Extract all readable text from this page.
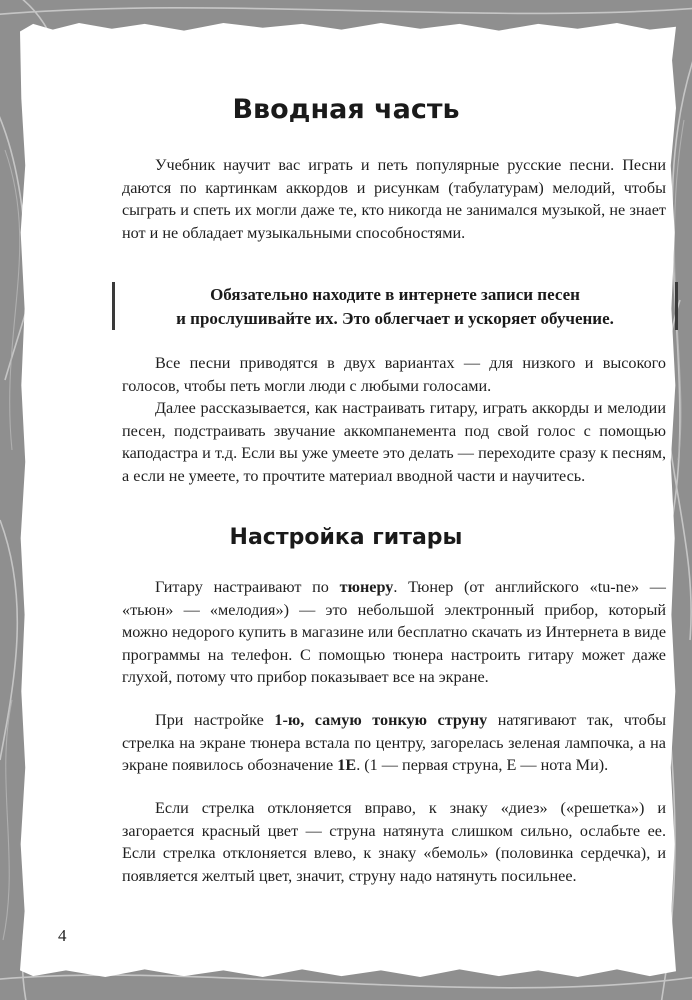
Вводная часть
Учебник научит вас играть и петь популярные русские песни. Песни даются по картинкам аккордов и рисункам (табулатурам) мелодий, чтобы сыграть и спеть их могли даже те, кто никогда не занимался музыкой, не знает нот и не обладает музыкальными способностями.
Обязательно находите в интернете записи песен
и прослушивайте их. Это облегчает и ускоряет обучение.
Все песни приводятся в двух вариантах — для низкого и высокого голосов, чтобы петь могли люди с любыми голосами.
Далее рассказывается, как настраивать гитару, играть аккорды и мелодии песен, подстраивать звучание аккомпанемента под свой голос с помощью каподастра и т.д. Если вы уже умеете это делать — переходите сразу к песням, а если не умеете, то прочтите материал вводной части и научитесь.
Настройка гитары
Гитару настраивают по тюнеру. Тюнер (от английского «tu-ne» — «тьюн» — «мелодия») — это небольшой электронный прибор, который можно недорого купить в магазине или бесплатно скачать из Интернета в виде программы на телефон. С помощью тюнера настроить гитару может даже глухой, потому что прибор показывает все на экране.
При настройке 1-ю, самую тонкую струну натягивают так, чтобы стрелка на экране тюнера встала по центру, загорелась зеленая лампочка, а на экране появилось обозначение 1Е. (1 — первая струна, Е — нота Ми).
Если стрелка отклоняется вправо, к знаку «диез» («решетка») и загорается красный цвет — струна натянута слишком сильно, ослабьте ее. Если стрелка отклоняется влево, к знаку «бемоль» (половинка сердечка), и появляется желтый цвет, значит, струну надо натянуть посильнее.
4
